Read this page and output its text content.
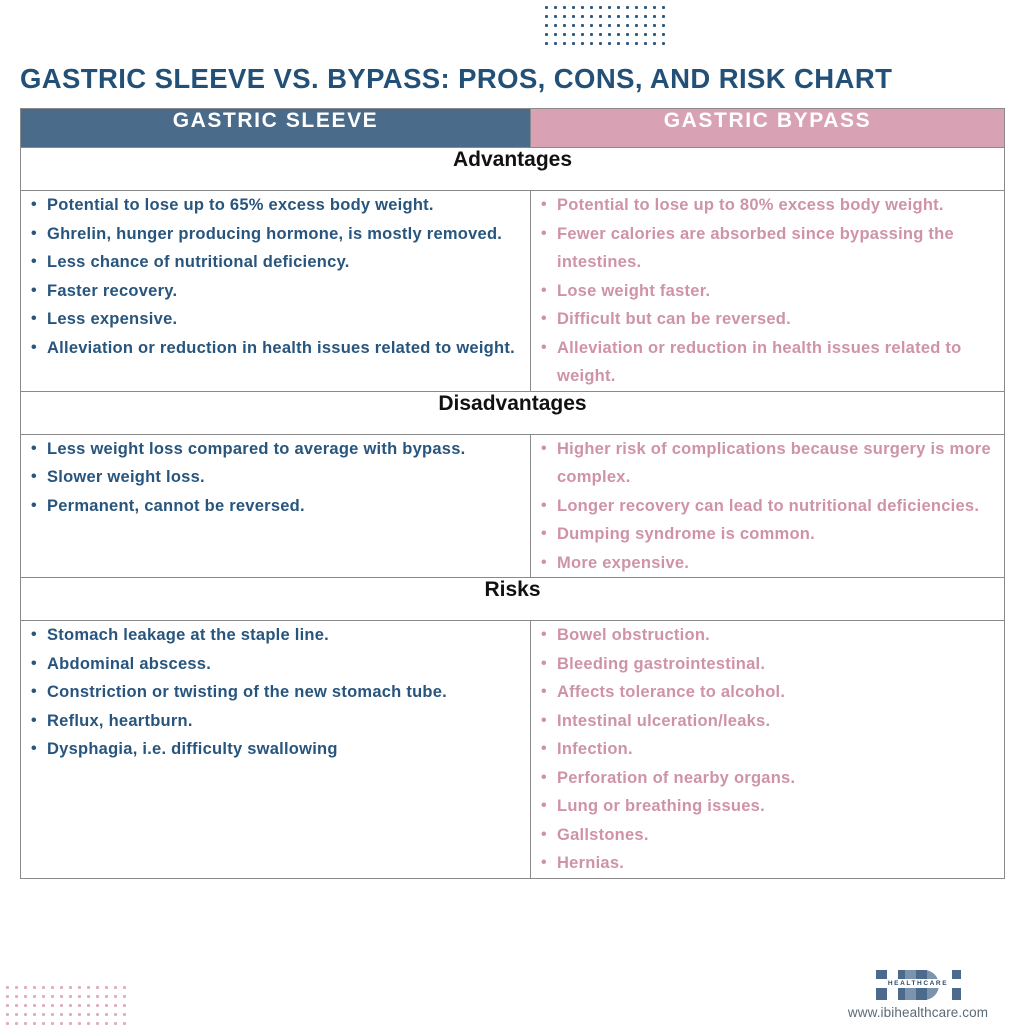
GASTRIC SLEEVE VS. BYPASS: PROS, CONS, AND RISK CHART
GASTRIC SLEEVE	GASTRIC BYPASS
Advantages	

• Potential to lose up to 65% excess body weight.
• Ghrelin, hunger producing hormone, is mostly removed.
• Less chance of nutritional deficiency.
• Faster recovery.
• Less expensive.
• Alleviation or reduction in health issues related to weight.

• Potential to lose up to 80% excess body weight.
• Fewer calories are absorbed since bypassing the intestines.
• Lose weight faster.
• Difficult but can be reversed.
• Alleviation or reduction in health issues related to weight.

Disadvantages	

• Less weight loss compared to average with bypass.
• Slower weight loss.
• Permanent, cannot be reversed.

• Higher risk of complications because surgery is more complex.
• Longer recovery can lead to nutritional deficiencies.
• Dumping syndrome is common.
• More expensive.

Risks	

• Stomach leakage at the staple line.
• Abdominal abscess.
• Constriction or twisting of the new stomach tube.
• Reflux, heartburn.
• Dysphagia, i.e. difficulty swallowing

• Bowel obstruction.
• Bleeding gastrointestinal.
• Affects tolerance to alcohol.
• Intestinal ulceration/leaks.
• Infection.
• Perforation of nearby organs.
• Lung or breathing issues.
• Gallstones.
• Hernias.
HEALTHCARE
www.ibihealthcare.com
